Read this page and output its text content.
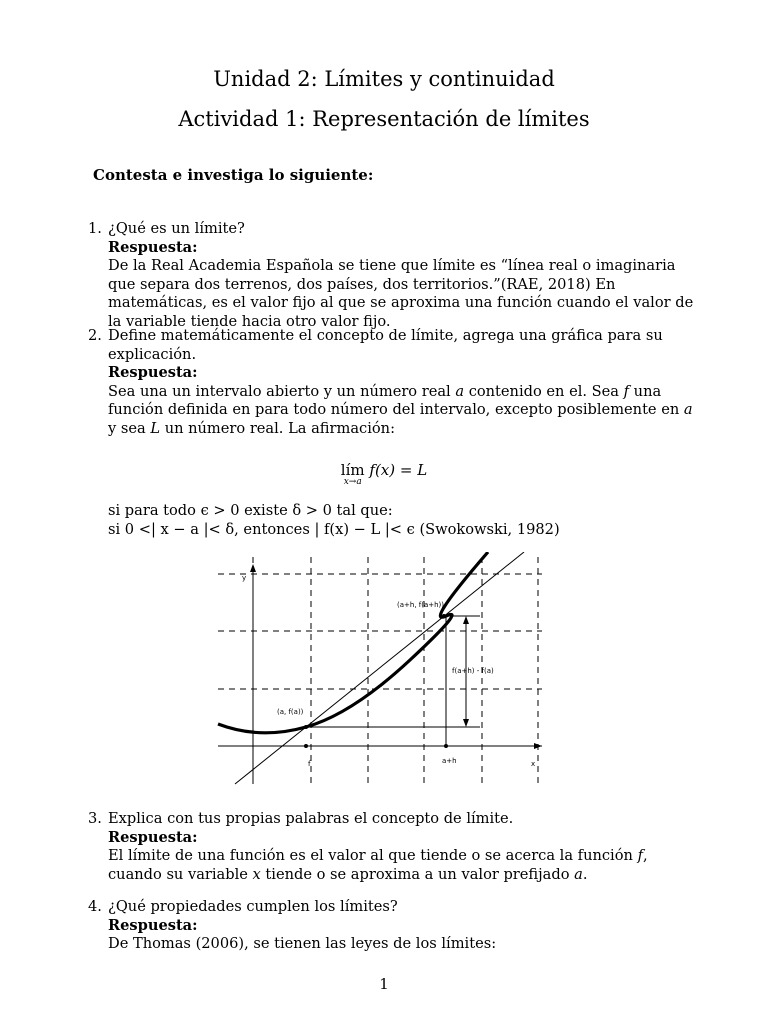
Unidad 2: Límites y continuidad
Actividad 1: Representación de límites
Contesta e investiga lo siguiente:
1. ¿Qué es un límite?
Respuesta:
De la Real Academia Española se tiene que límite es “línea real o imaginaria que separa dos terrenos, dos países, dos territorios.”(RAE, 2018) En matemáticas, es el valor fijo al que se aproxima una función cuando el valor de la variable tiende hacia otro valor fijo.
2. Define matemáticamente el concepto de límite, agrega una gráfica para su explicación.
Respuesta:
Sea una un intervalo abierto y un número real a contenido en el. Sea f una función definida en para todo número del intervalo, excepto posiblemente en a y sea L un número real. La afirmación:
lím
x→a
f(x) = L
si para todo ϵ > 0 existe δ > 0 tal que:
si 0 <| x − a |< δ, entonces | f(x) − L |< ϵ (Swokowski, 1982)
y
x
(a, f(a))
(a+h, f(a+h))
f(a+h) - f(a)
f	a+h
3. Explica con tus propias palabras el concepto de límite.
Respuesta:
El límite de una función es el valor al que tiende o se acerca la función f, cuando su variable x tiende o se aproxima a un valor prefijado a.
4. ¿Qué propiedades cumplen los límites?
Respuesta:
De Thomas (2006), se tienen las leyes de los límites:
1
